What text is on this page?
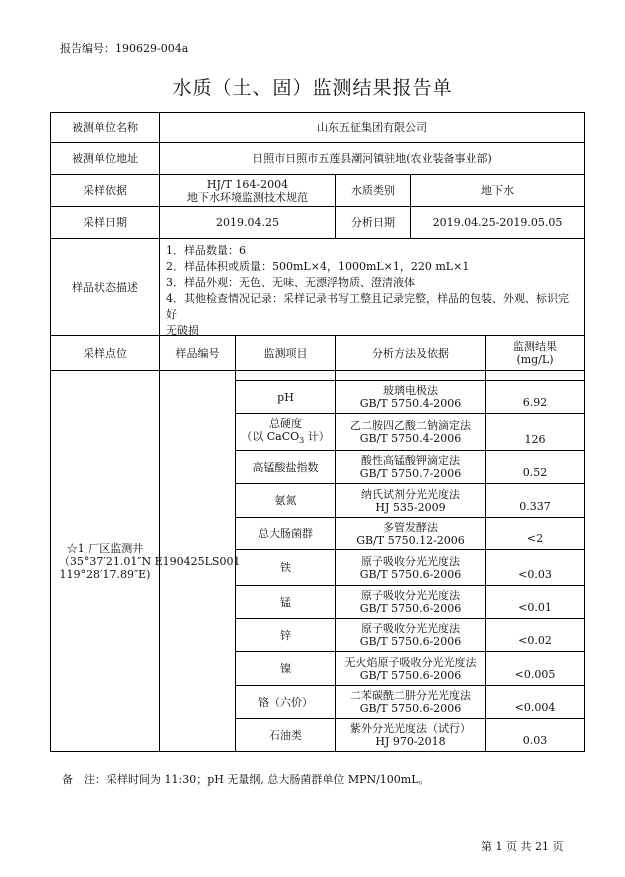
报告编号：190629-004a
水质（土、固）监测结果报告单
被测单位名称	山东五征集团有限公司
被测单位地址	日照市日照市五莲县潮河镇驻地(农业装备事业部)
采样依据	HJ/T 164-2004
地下水环境监测技术规范	水质类别	地下水
采样日期	2019.04.25	分析日期	2019.04.25-2019.05.05
样品状态描述
1．样品数量：6
2．样品体积或质量：500mL×4，1000mL×1，220 mL×1
3．样品外观：无色、无味、无漂浮物质、澄清液体
4．其他检查情况记录：采样记录书写工整且记录完整，样品的包装、外观、标识完好
无破损
采样点位	样品编号	监测项目	分析方法及依据	监测结果
(mg/L)
☆1 厂区监测井
（35°37′21.01″N
119°28′17.89″E)
E190425LS001
pH	玻璃电极法
GB/T 5750.4-2006	6.92
总硬度
（以 CaCO$_3$ 计）
乙二胺四乙酸二钠滴定法
GB/T 5750.4-2006	126
高锰酸盐指数	酸性高锰酸钾滴定法
GB/T 5750.7-2006	0.52
氨氮	纳氏试剂分光光度法
HJ 535-2009	0.337
总大肠菌群	多管发酵法
GB/T 5750.12-2006	<2
铁	原子吸收分光光度法
GB/T 5750.6-2006	<0.03
锰	原子吸收分光光度法
GB/T 5750.6-2006	<0.01
锌	原子吸收分光光度法
GB/T 5750.6-2006	<0.02
镍	无火焰原子吸收分光光度法
GB/T 5750.6-2006	<0.005
铬（六价）	二苯碳酰二肼分光光度法
GB/T 5750.6-2006	<0.004
石油类	紫外分光光度法（试行）
HJ 970-2018	0.03
备　注：采样时间为 11:30；pH 无量纲, 总大肠菌群单位 MPN/100mL。
第 1 页 共 21 页
